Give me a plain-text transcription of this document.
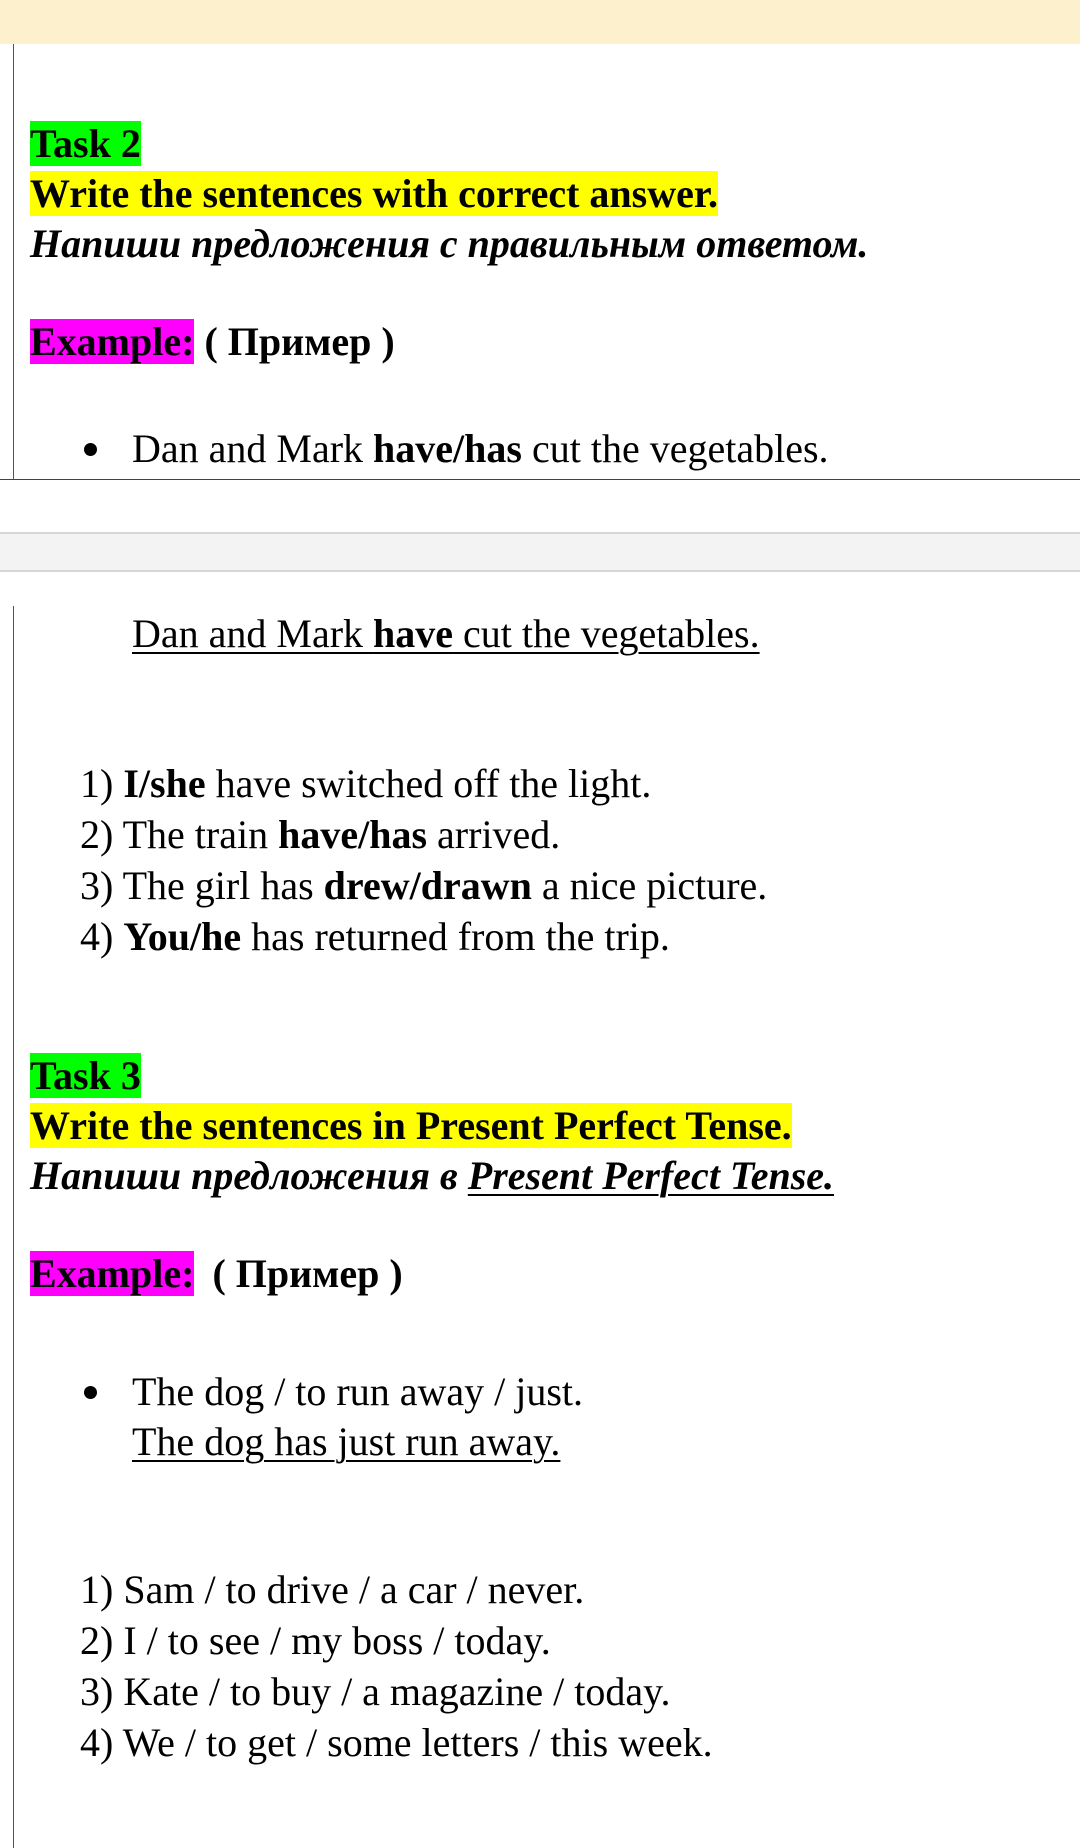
Task 2
Write the sentences with correct answer.
Напиши предложения с правильным ответом.
Example: ( Пример )
Dan and Mark have/has cut the vegetables.
Dan and Mark have cut the vegetables.
1) I/she have switched off the light.
2) The train have/has arrived.
3) The girl has drew/drawn a nice picture.
4) You/he has returned from the trip.
Task 3
Write the sentences in Present Perfect Tense.
Напиши предложения в Present Perfect Tense.
Example: ( Пример )
The dog / to run away / just.
The dog has just run away.
1) Sam / to drive / a car / never.
2) I / to see / my boss / today.
3) Kate / to buy / a magazine / today.
4) We / to get / some letters / this week.
